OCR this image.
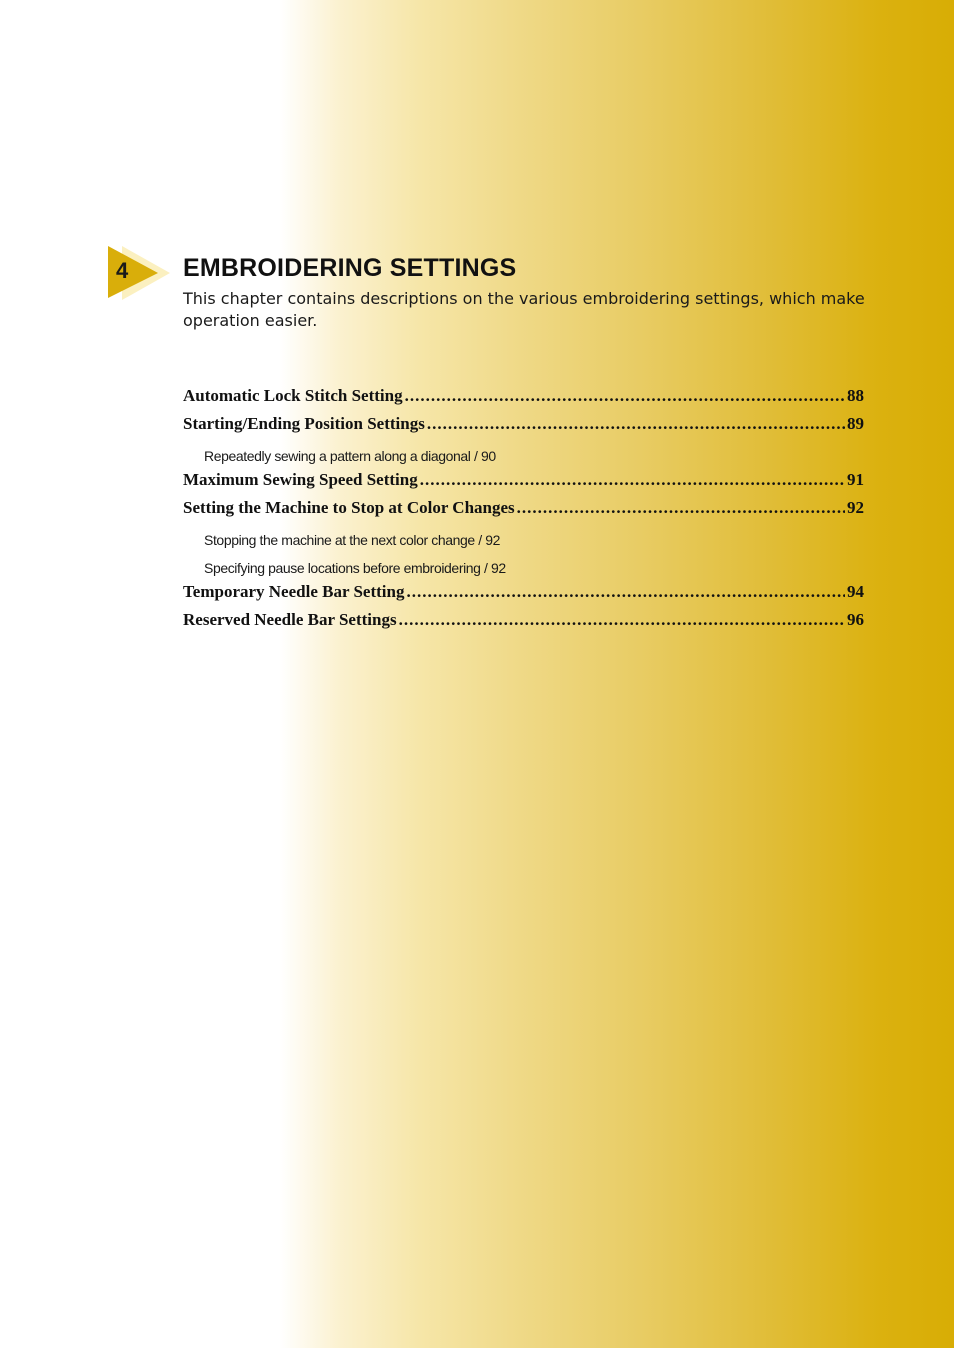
4	EMBROIDERING SETTINGS

This chapter contains descriptions on the various embroidering settings, which make operation easier.

Automatic Lock Stitch Setting .....	88
Starting/Ending Position Settings .....	89
Repeatedly sewing a pattern along a diagonal / 90
Maximum Sewing Speed Setting .....	91
Setting the Machine to Stop at Color Changes .....	92
Stopping the machine at the next color change / 92
Specifying pause locations before embroidering / 92
Temporary Needle Bar Setting .....	94
Reserved Needle Bar Settings .....	96
